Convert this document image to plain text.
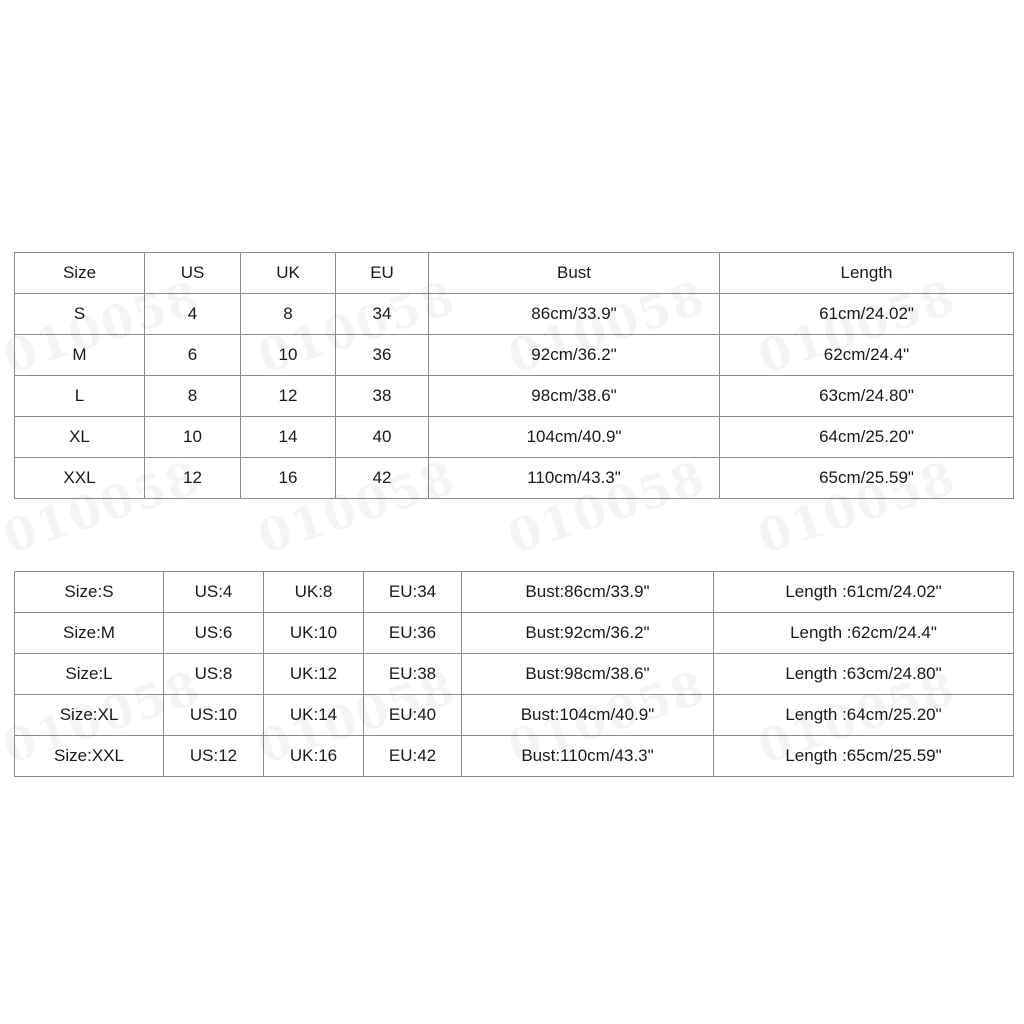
Size	US	UK	EU	Bust	Length
S	4	8	34	86cm/33.9"	61cm/24.02"
M	6	10	36	92cm/36.2"	62cm/24.4"
L	8	12	38	98cm/38.6"	63cm/24.80"
XL	10	14	40	104cm/40.9"	64cm/25.20"
XXL	12	16	42	110cm/43.3"	65cm/25.59"
Size:S	US:4	UK:8	EU:34	Bust:86cm/33.9"	Length :61cm/24.02"
Size:M	US:6	UK:10	EU:36	Bust:92cm/36.2"	Length :62cm/24.4"
Size:L	US:8	UK:12	EU:38	Bust:98cm/38.6"	Length :63cm/24.80"
Size:XL	US:10	UK:14	EU:40	Bust:104cm/40.9"	Length :64cm/25.20"
Size:XXL	US:12	UK:16	EU:42	Bust:110cm/43.3"	Length :65cm/25.59"
